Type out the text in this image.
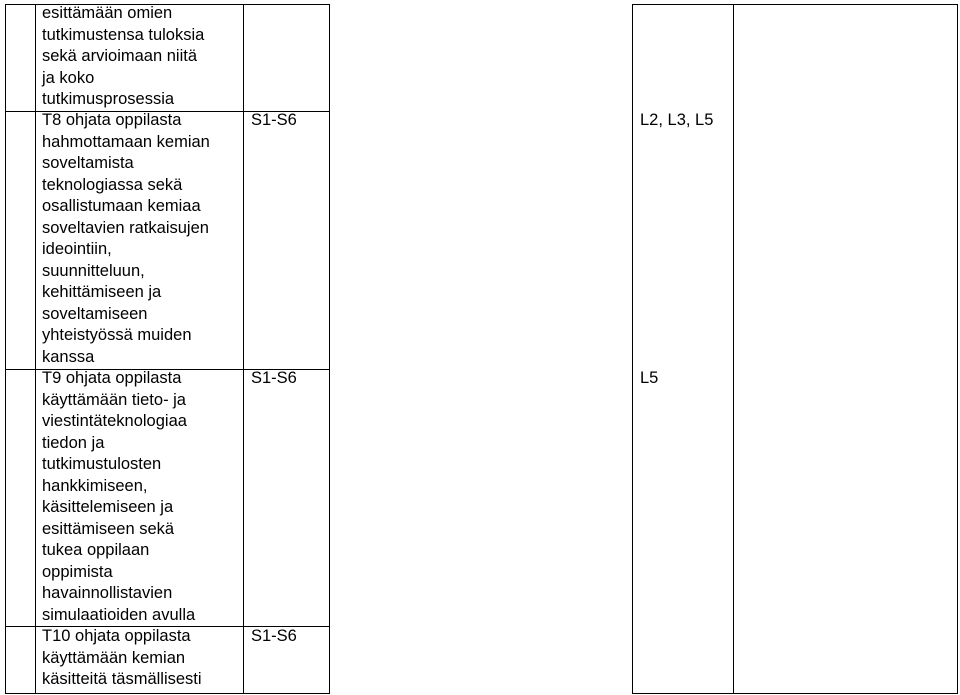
esittämään omien
tutkimustensa tuloksia
sekä arvioimaan niitä
ja koko
tutkimusprosessia
T8 ohjata oppilasta
hahmottamaan kemian
soveltamista
teknologiassa sekä
osallistumaan kemiaa
soveltavien ratkaisujen
ideointiin,
suunnitteluun,
kehittämiseen ja
soveltamiseen
yhteistyössä muiden
kanssa
S1-S6	L2, L3, L5
T9 ohjata oppilasta
käyttämään tieto- ja
viestintäteknologiaa
tiedon ja
tutkimustulosten
hankkimiseen,
käsittelemiseen ja
esittämiseen sekä
tukea oppilaan
oppimista
havainnollistavien
simulaatioiden avulla
S1-S6	L5
T10 ohjata oppilasta
käyttämään kemian
käsitteitä täsmällisesti
S1-S6
